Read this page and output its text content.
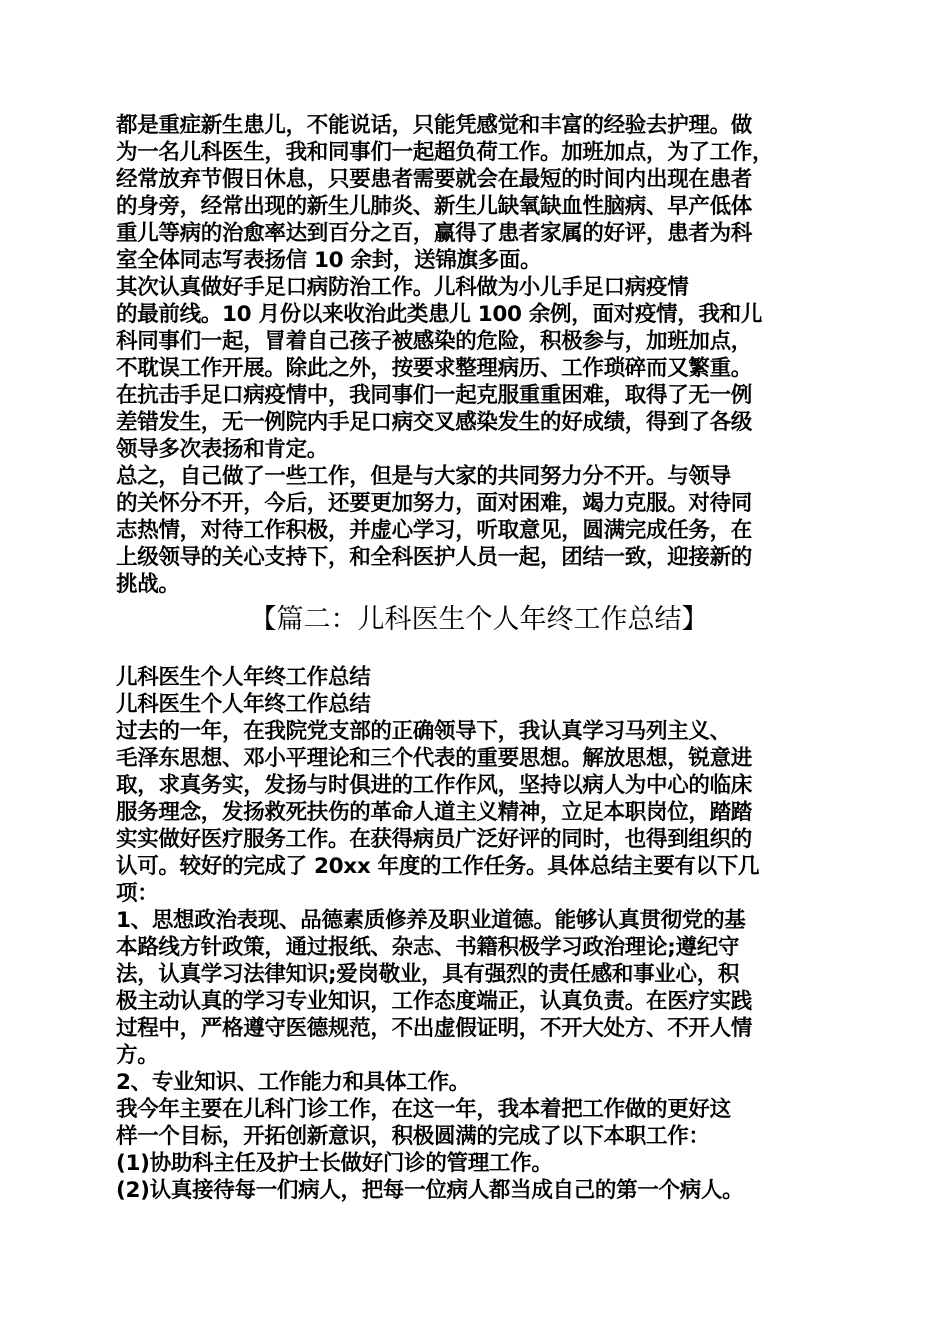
都是重症新生患儿，不能说话，只能凭感觉和丰富的经验去护理。做
为一名儿科医生，我和同事们一起超负荷工作。加班加点，为了工作，
经常放弃节假日休息，只要患者需要就会在最短的时间内出现在患者
的身旁，经常出现的新生儿肺炎、新生儿缺氧缺血性脑病、早产低体
重儿等病的治愈率达到百分之百，赢得了患者家属的好评，患者为科
室全体同志写表扬信 10 余封，送锦旗多面。
其次认真做好手足口病防治工作。儿科做为小儿手足口病疫情
的最前线。10 月份以来收治此类患儿 100 余例，面对疫情，我和儿
科同事们一起，冒着自己孩子被感染的危险，积极参与，加班加点，
不耽误工作开展。除此之外，按要求整理病历、工作琐碎而又繁重。
在抗击手足口病疫情中，我同事们一起克服重重困难，取得了无一例
差错发生，无一例院内手足口病交叉感染发生的好成绩，得到了各级
领导多次表扬和肯定。
总之，自己做了一些工作，但是与大家的共同努力分不开。与领导
的关怀分不开，今后，还要更加努力，面对困难，竭力克服。对待同
志热情，对待工作积极，并虚心学习，听取意见，圆满完成任务，在
上级领导的关心支持下，和全科医护人员一起，团结一致，迎接新的
挑战。
【篇二：儿科医生个人年终工作总结】
儿科医生个人年终工作总结
儿科医生个人年终工作总结
过去的一年，在我院党支部的正确领导下，我认真学习马列主义、
毛泽东思想、邓小平理论和三个代表的重要思想。解放思想，锐意进
取，求真务实，发扬与时俱进的工作作风，坚持以病人为中心的临床
服务理念，发扬救死扶伤的革命人道主义精神，立足本职岗位，踏踏
实实做好医疗服务工作。在获得病员广泛好评的同时，也得到组织的
认可。较好的完成了 20xx 年度的工作任务。具体总结主要有以下几
项：
1、思想政治表现、品德素质修养及职业道德。能够认真贯彻党的基
本路线方针政策，通过报纸、杂志、书籍积极学习政治理论;遵纪守
法，认真学习法律知识;爱岗敬业，具有强烈的责任感和事业心，积
极主动认真的学习专业知识，工作态度端正，认真负责。在医疗实践
过程中，严格遵守医德规范，不出虚假证明，不开大处方、不开人情
方。
2、专业知识、工作能力和具体工作。
我今年主要在儿科门诊工作，在这一年，我本着把工作做的更好这
样一个目标，开拓创新意识，积极圆满的完成了以下本职工作：
(1)协助科主任及护士长做好门诊的管理工作。
(2)认真接待每一们病人，把每一位病人都当成自己的第一个病人。
